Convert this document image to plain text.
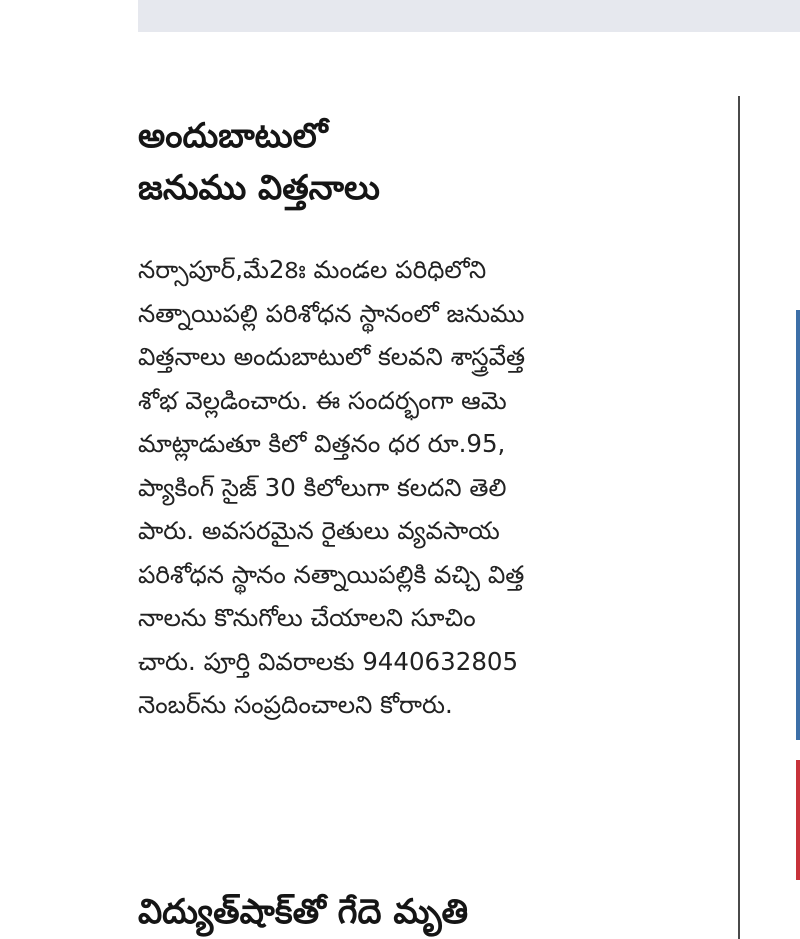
అందుబాటులో
జనుము విత్తనాలు
నర్సాపూర్,మే28ః మండల పరిధిలోని
నత్నాయిపల్లి పరిశోధన స్థానంలో జనుము
విత్తనాలు అందుబాటులో కలవని శాస్త్రవేత్త
శోభ వెల్లడించారు. ఈ సందర్భంగా ఆమె
మాట్లాడుతూ కిలో విత్తనం ధర రూ.95,
ప్యాకింగ్ సైజ్ 30 కిలోలుగా కలదని తెలి
పారు. అవసరమైన రైతులు వ్యవసాయ
పరిశోధన స్థానం నత్నాయిపల్లికి వచ్చి విత్త
నాలను కొనుగోలు చేయాలని సూచిం
చారు. పూర్తి వివరాలకు 9440632805
నెంబర్‌ను సంప్రదించాలని కోరారు.
విద్యుత్‌షాక్‌తో గేదె మృతి
